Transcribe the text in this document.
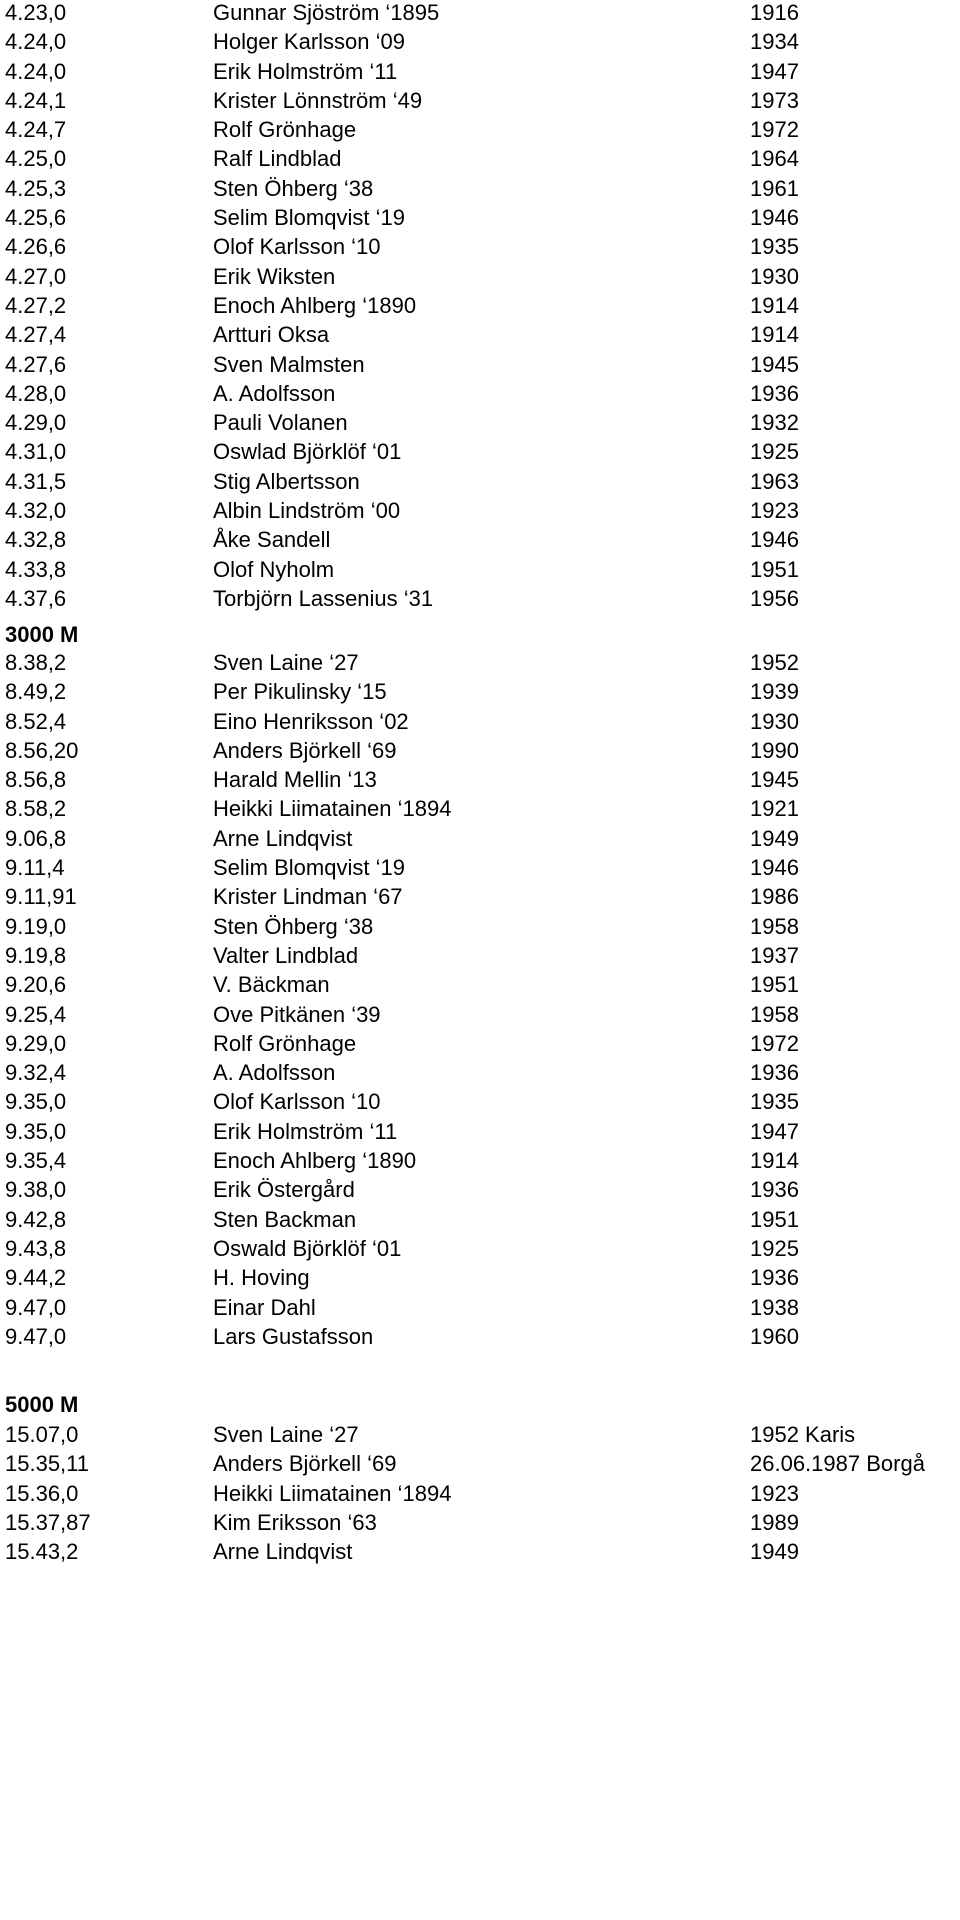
4.23,0	Gunnar Sjöström ‘1895	1916
4.24,0	Holger Karlsson ‘09	1934
4.24,0	Erik Holmström ‘11	1947
4.24,1	Krister Lönnström ‘49	1973
4.24,7	Rolf Grönhage	1972
4.25,0	Ralf Lindblad	1964
4.25,3	Sten Öhberg ‘38	1961
4.25,6	Selim Blomqvist ‘19	1946
4.26,6	Olof Karlsson ‘10	1935
4.27,0	Erik Wiksten	1930
4.27,2	Enoch Ahlberg ‘1890	1914
4.27,4	Artturi Oksa	1914
4.27,6	Sven Malmsten	1945
4.28,0	A. Adolfsson	1936
4.29,0	Pauli Volanen	1932
4.31,0	Oswlad Björklöf ‘01	1925
4.31,5	Stig Albertsson	1963
4.32,0	Albin Lindström ‘00	1923
4.32,8	Åke Sandell	1946
4.33,8	Olof Nyholm	1951
4.37,6	Torbjörn Lassenius ‘31	1956
3000 M
8.38,2	Sven Laine ‘27	1952
8.49,2	Per Pikulinsky ‘15	1939
8.52,4	Eino Henriksson ‘02	1930
8.56,20	Anders Björkell ‘69	1990
8.56,8	Harald Mellin ‘13	1945
8.58,2	Heikki Liimatainen ‘1894	1921
9.06,8	Arne Lindqvist	1949
9.11,4	Selim Blomqvist ‘19	1946
9.11,91	Krister Lindman ‘67	1986
9.19,0	Sten Öhberg ‘38	1958
9.19,8	Valter Lindblad	1937
9.20,6	V. Bäckman	1951
9.25,4	Ove Pitkänen ‘39	1958
9.29,0	Rolf Grönhage	1972
9.32,4	A. Adolfsson	1936
9.35,0	Olof Karlsson ‘10	1935
9.35,0	Erik Holmström ‘11	1947
9.35,4	Enoch Ahlberg ‘1890	1914
9.38,0	Erik Östergård	1936
9.42,8	Sten Backman	1951
9.43,8	Oswald Björklöf ‘01	1925
9.44,2	H. Hoving	1936
9.47,0	Einar Dahl	1938
9.47,0	Lars Gustafsson	1960
5000 M
15.07,0	Sven Laine ‘27	1952 Karis
15.35,11	Anders Björkell ‘69	26.06.1987 Borgå
15.36,0	Heikki Liimatainen ‘1894	1923
15.37,87	Kim Eriksson ‘63	1989
15.43,2	Arne Lindqvist	1949
